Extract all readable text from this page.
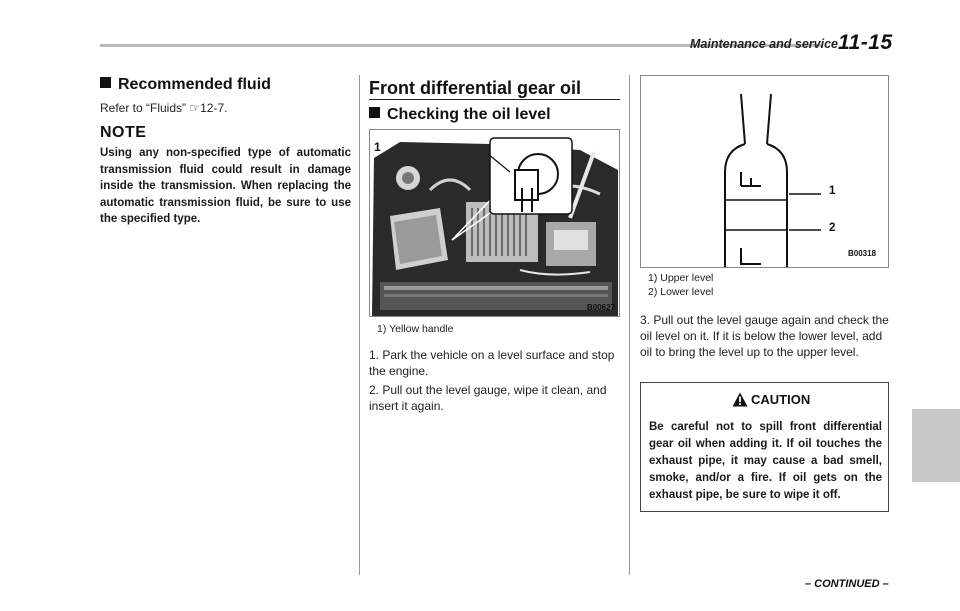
Maintenance and service 11-15
Recommended fluid
Refer to “Fluids” ☞12-7.
NOTE
Using any non-specified type of automatic transmission fluid could result in damage inside the transmission. When replacing the automatic transmission fluid, be sure to use the specified type.
Front differential gear oil
Checking the oil level
1
B00627
1) Yellow handle
1. Park the vehicle on a level surface and stop the engine.
2. Pull out the level gauge, wipe it clean, and insert it again.
1
2
B00318
1) Upper level
2) Lower level
3. Pull out the level gauge again and check the oil level on it. If it is below the lower level, add oil to bring the level up to the upper level.
CAUTION
Be careful not to spill front differential gear oil when adding it. If oil touches the exhaust pipe, it may cause a bad smell, smoke, and/or a fire. If oil gets on the exhaust pipe, be sure to wipe it off.
– CONTINUED –
